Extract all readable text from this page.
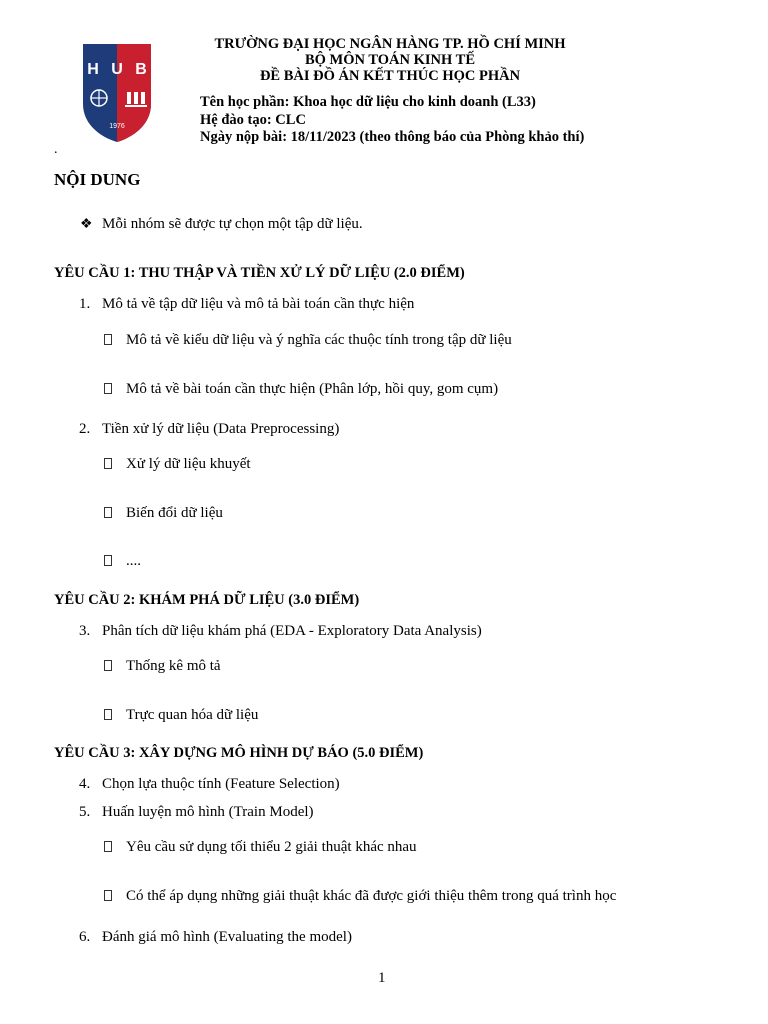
H U B
1976
TRƯỜNG ĐẠI HỌC NGÂN HÀNG TP. HỒ CHÍ MINH
BỘ MÔN TOÁN KINH TẾ
ĐỀ BÀI ĐỒ ÁN KẾT THÚC HỌC PHẦN
Tên học phần: Khoa học dữ liệu cho kinh doanh (L33)
Hệ đào tạo: CLC
Ngày nộp bài: 18/11/2023 (theo thông báo của Phòng khảo thí)
.
NỘI DUNG
❖ Mỗi nhóm sẽ được tự chọn một tập dữ liệu.
YÊU CẦU 1: THU THẬP VÀ TIỀN XỬ LÝ DỮ LIỆU (2.0 ĐIỂM)
1. Mô tả về tập dữ liệu và mô tả bài toán cần thực hiện
Mô tả về kiểu dữ liệu và ý nghĩa các thuộc tính trong tập dữ liệu
Mô tả về bài toán cần thực hiện (Phân lớp, hồi quy, gom cụm)
2. Tiền xử lý dữ liệu (Data Preprocessing)
Xử lý dữ liệu khuyết
Biến đổi dữ liệu
....
YÊU CẦU 2: KHÁM PHÁ DỮ LIỆU (3.0 ĐIỂM)
3. Phân tích dữ liệu khám phá (EDA - Exploratory Data Analysis)
Thống kê mô tả
Trực quan hóa dữ liệu
YÊU CẦU 3: XÂY DỰNG MÔ HÌNH DỰ BÁO (5.0 ĐIỂM)
4. Chọn lựa thuộc tính (Feature Selection)
5. Huấn luyện mô hình (Train Model)
Yêu cầu sử dụng tối thiểu 2 giải thuật khác nhau
Có thể áp dụng những giải thuật khác đã được giới thiệu thêm trong quá trình học
6. Đánh giá mô hình (Evaluating the model)
1
